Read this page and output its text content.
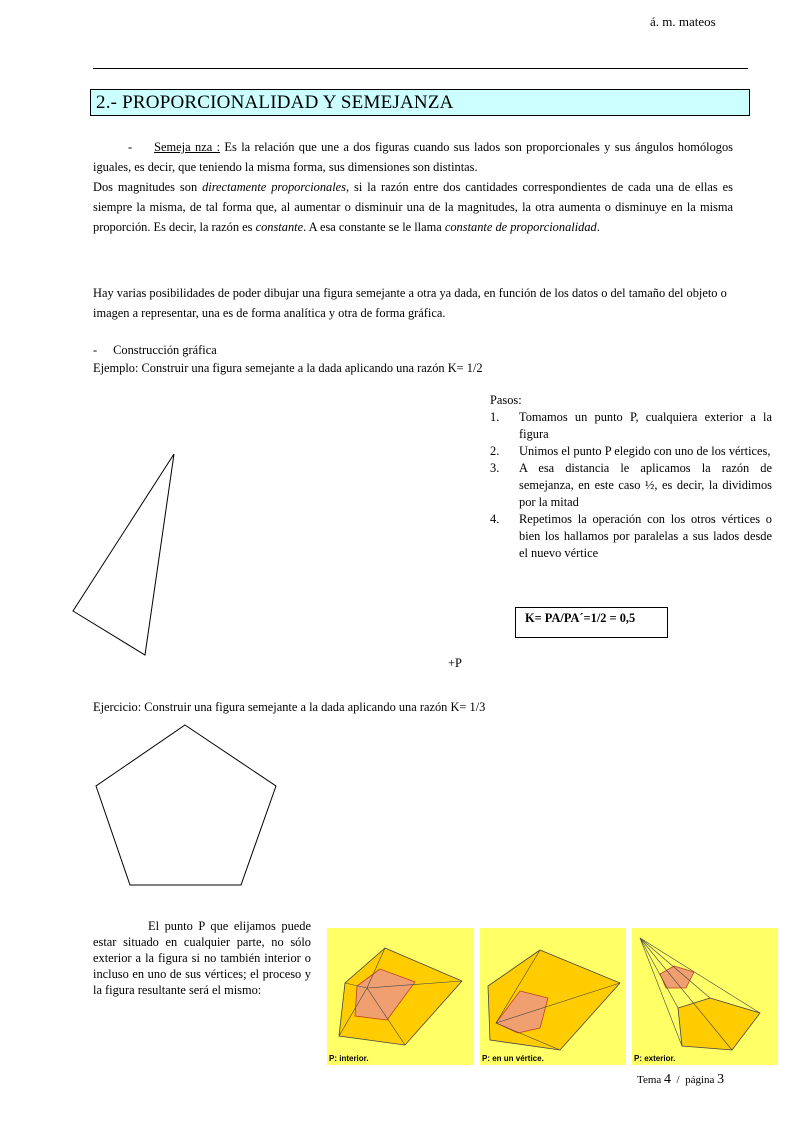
á. m. mateos
2.- PROPORCIONALIDAD Y SEMEJANZA
- Semeja nza : Es la relación que une a dos figuras cuando sus lados son proporcionales y sus ángulos homólogos iguales, es decir, que teniendo la misma forma, sus dimensiones son distintas.
Dos magnitudes son directamente proporcionales, si la razón entre dos cantidades correspondientes de cada una de ellas es siempre la misma, de tal forma que, al aumentar o disminuir una de la magnitudes, la otra aumenta o disminuye en la misma proporción. Es decir, la razón es constante. A esa constante se le llama constante de proporcionalidad.
Hay varias posibilidades de poder dibujar una figura semejante a otra ya dada, en función de los datos o del tamaño del objeto o imagen a representar, una es de forma analítica y otra de forma gráfica.
- Construcción gráfica
Ejemplo: Construir una figura semejante a la dada aplicando una razón K= 1/2
Pasos:
1. Tomamos un punto P, cualquiera exterior a la figura
2. Unimos el punto P elegido con uno de los vértices,
3. A esa distancia le aplicamos la razón de semejanza, en este caso ½, es decir, la dividimos por la mitad
4. Repetimos la operación con los otros vértices o bien los hallamos por paralelas a sus lados desde el nuevo vértice
K= PA/PA´=1/2 = 0,5
+P
Ejercicio: Construir una figura semejante a la dada aplicando una razón K= 1/3
El punto P que elijamos puede estar situado en cualquier parte, no sólo exterior a la figura si no también interior o incluso en uno de sus vértices; el proceso y la figura resultante será el mismo:
P: interior.	P: en un vértice.	P: exterior.
Tema 4 / página 3
